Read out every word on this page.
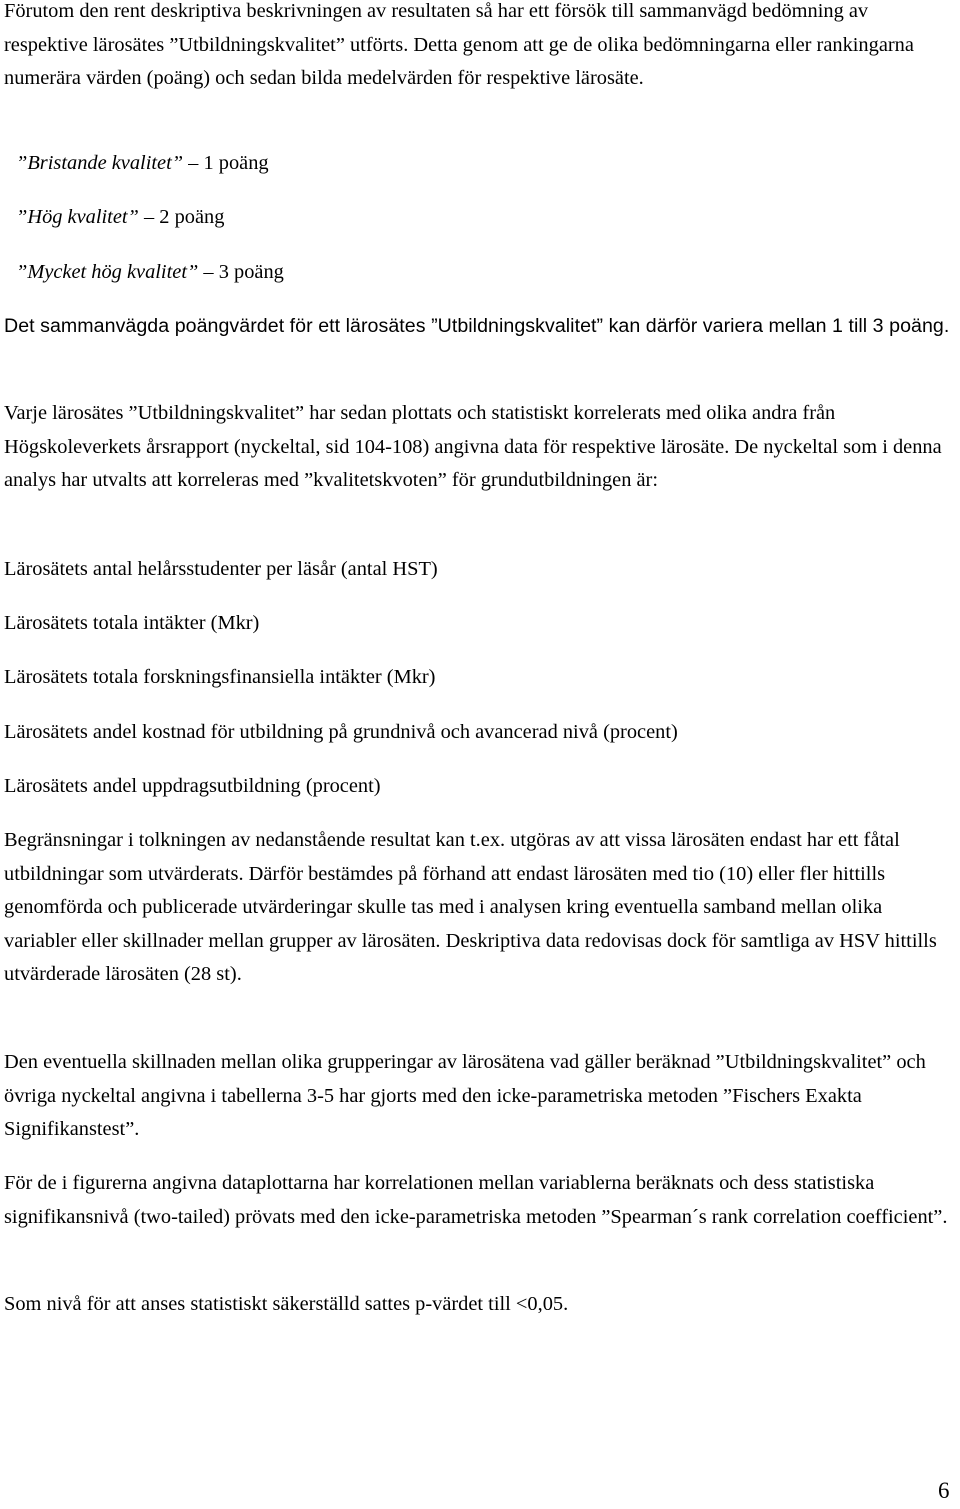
Förutom den rent deskriptiva beskrivningen av resultaten så har ett försök till sammanvägd bedömning av respektive lärosätes ”Utbildningskvalitet” utförts. Detta genom att ge de olika bedömningarna eller rankingarna numerära värden (poäng) och sedan bilda medelvärden för respektive lärosäte.

”Bristande kvalitet” – 1 poäng

”Hög kvalitet” – 2 poäng

”Mycket hög kvalitet” – 3 poäng

Det sammanvägda poängvärdet för ett lärosätes ”Utbildningskvalitet” kan därför variera mellan 1 till 3 poäng.

Varje lärosätes ”Utbildningskvalitet” har sedan plottats och statistiskt korrelerats med olika andra från Högskoleverkets årsrapport (nyckeltal, sid 104-108) angivna data för respektive lärosäte. De nyckeltal som i denna analys har utvalts att korreleras med ”kvalitetskvoten” för grundutbildningen är:

Lärosätets antal helårsstudenter per läsår (antal HST)

Lärosätets totala intäkter (Mkr)

Lärosätets totala forskningsfinansiella intäkter (Mkr)

Lärosätets andel kostnad för utbildning på grundnivå och avancerad nivå (procent)

Lärosätets andel uppdragsutbildning (procent)

Begränsningar i tolkningen av nedanstående resultat kan t.ex. utgöras av att vissa lärosäten endast har ett fåtal utbildningar som utvärderats. Därför bestämdes på förhand att endast lärosäten med tio (10) eller fler hittills genomförda och publicerade utvärderingar skulle tas med i analysen kring eventuella samband mellan olika variabler eller skillnader mellan grupper av lärosäten. Deskriptiva data redovisas dock för samtliga av HSV hittills utvärderade lärosäten (28 st).

Den eventuella skillnaden mellan olika grupperingar av lärosätena vad gäller beräknad ”Utbildningskvalitet” och övriga nyckeltal angivna i tabellerna 3-5 har gjorts med den icke-parametriska metoden ”Fischers Exakta Signifikanstest”.

För de i figurerna angivna dataplottarna har korrelationen mellan variablerna beräknats och dess statistiska signifikansnivå (two-tailed) prövats med den icke-parametriska metoden ”Spearman´s rank correlation coefficient”.

Som nivå för att anses statistiskt säkerställd sattes p-värdet till <0,05.

6
